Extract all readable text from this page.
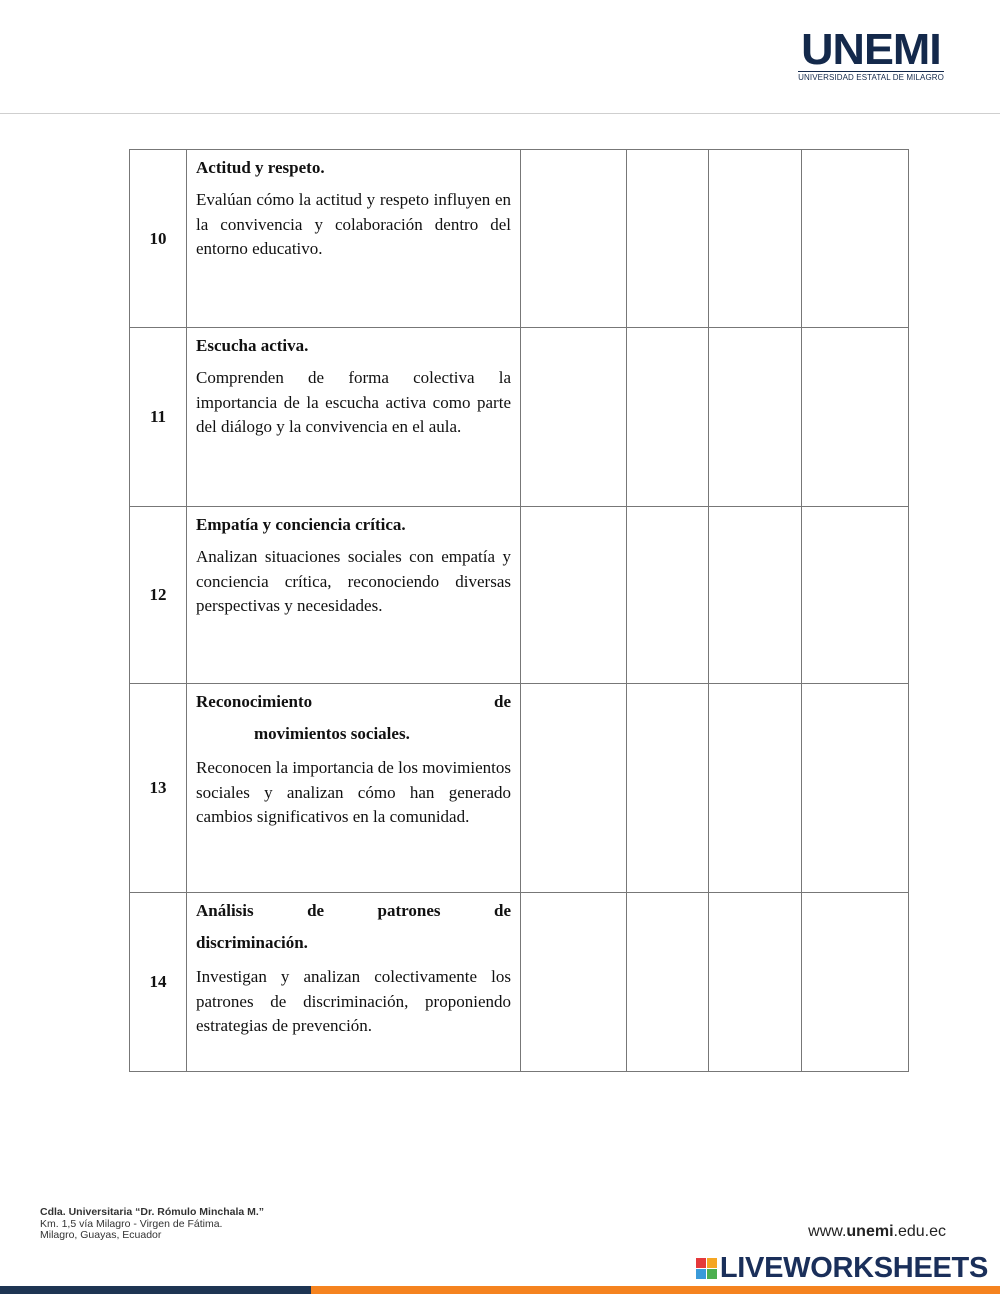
UNEMI
UNIVERSIDAD ESTATAL DE MILAGRO
10	Actitud y respeto.
Evalúan cómo la actitud y respeto influyen en la convivencia y colaboración dentro del entorno educativo.				

11	Escucha activa.
Comprenden de forma colectiva la importancia de la escucha activa como parte del diálogo y la convivencia en el aula.				

12	Empatía y conciencia crítica.
Analizan situaciones sociales con empatía y conciencia crítica, reconociendo diversas perspectivas y necesidades.				

13	Reconocimiento de
movimientos sociales.
Reconocen la importancia de los movimientos sociales y analizan cómo han generado cambios significativos en la comunidad.				

14	Análisis de patrones de
discriminación.
Investigan y analizan colectivamente los patrones de discriminación, proponiendo estrategias de prevención.				

Cdla. Universitaria “Dr. Rómulo Minchala M.”
Km. 1,5 vía Milagro - Virgen de Fátima.
Milagro, Guayas, Ecuador	www.unemi.edu.ec
LIVEWORKSHEETS
